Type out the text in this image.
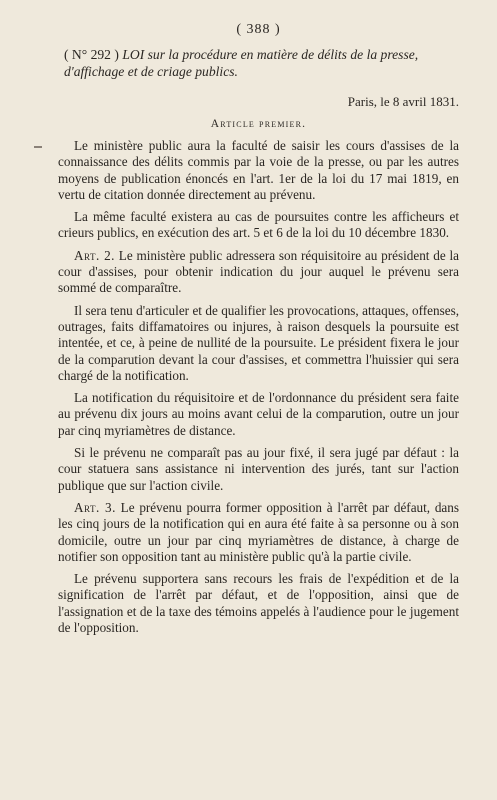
( 388 )

( N° 292 ) LOI sur la procédure en matière de délits de la presse, d'affichage et de criage publics.

Paris, le 8 avril 1831.
Article premier.

Le ministère public aura la faculté de saisir les cours d'assises de la connaissance des délits commis par la voie de la presse, ou par les autres moyens de publication énoncés en l'art. 1er de la loi du 17 mai 1819, en vertu de citation donnée directement au prévenu.

La même faculté existera au cas de poursuites contre les afficheurs et crieurs publics, en exécution des art. 5 et 6 de la loi du 10 décembre 1830.

Art. 2. Le ministère public adressera son réquisitoire au président de la cour d'assises, pour obtenir indication du jour auquel le prévenu sera sommé de comparaître.

Il sera tenu d'articuler et de qualifier les provocations, attaques, offenses, outrages, faits diffamatoires ou injures, à raison desquels la poursuite est intentée, et ce, à peine de nullité de la poursuite. Le président fixera le jour de la comparution devant la cour d'assises, et commettra l'huissier qui sera chargé de la notification.

La notification du réquisitoire et de l'ordonnance du président sera faite au prévenu dix jours au moins avant celui de la comparution, outre un jour par cinq myriamètres de distance.

Si le prévenu ne comparaît pas au jour fixé, il sera jugé par défaut : la cour statuera sans assistance ni intervention des jurés, tant sur l'action publique que sur l'action civile.

Art. 3. Le prévenu pourra former opposition à l'arrêt par défaut, dans les cinq jours de la notification qui en aura été faite à sa personne ou à son domicile, outre un jour par cinq myriamètres de distance, à charge de notifier son opposition tant au ministère public qu'à la partie civile.

Le prévenu supportera sans recours les frais de l'expédition et de la signification de l'arrêt par défaut, et de l'opposition, ainsi que de l'assignation et de la taxe des témoins appelés à l'audience pour le jugement de l'opposition.
